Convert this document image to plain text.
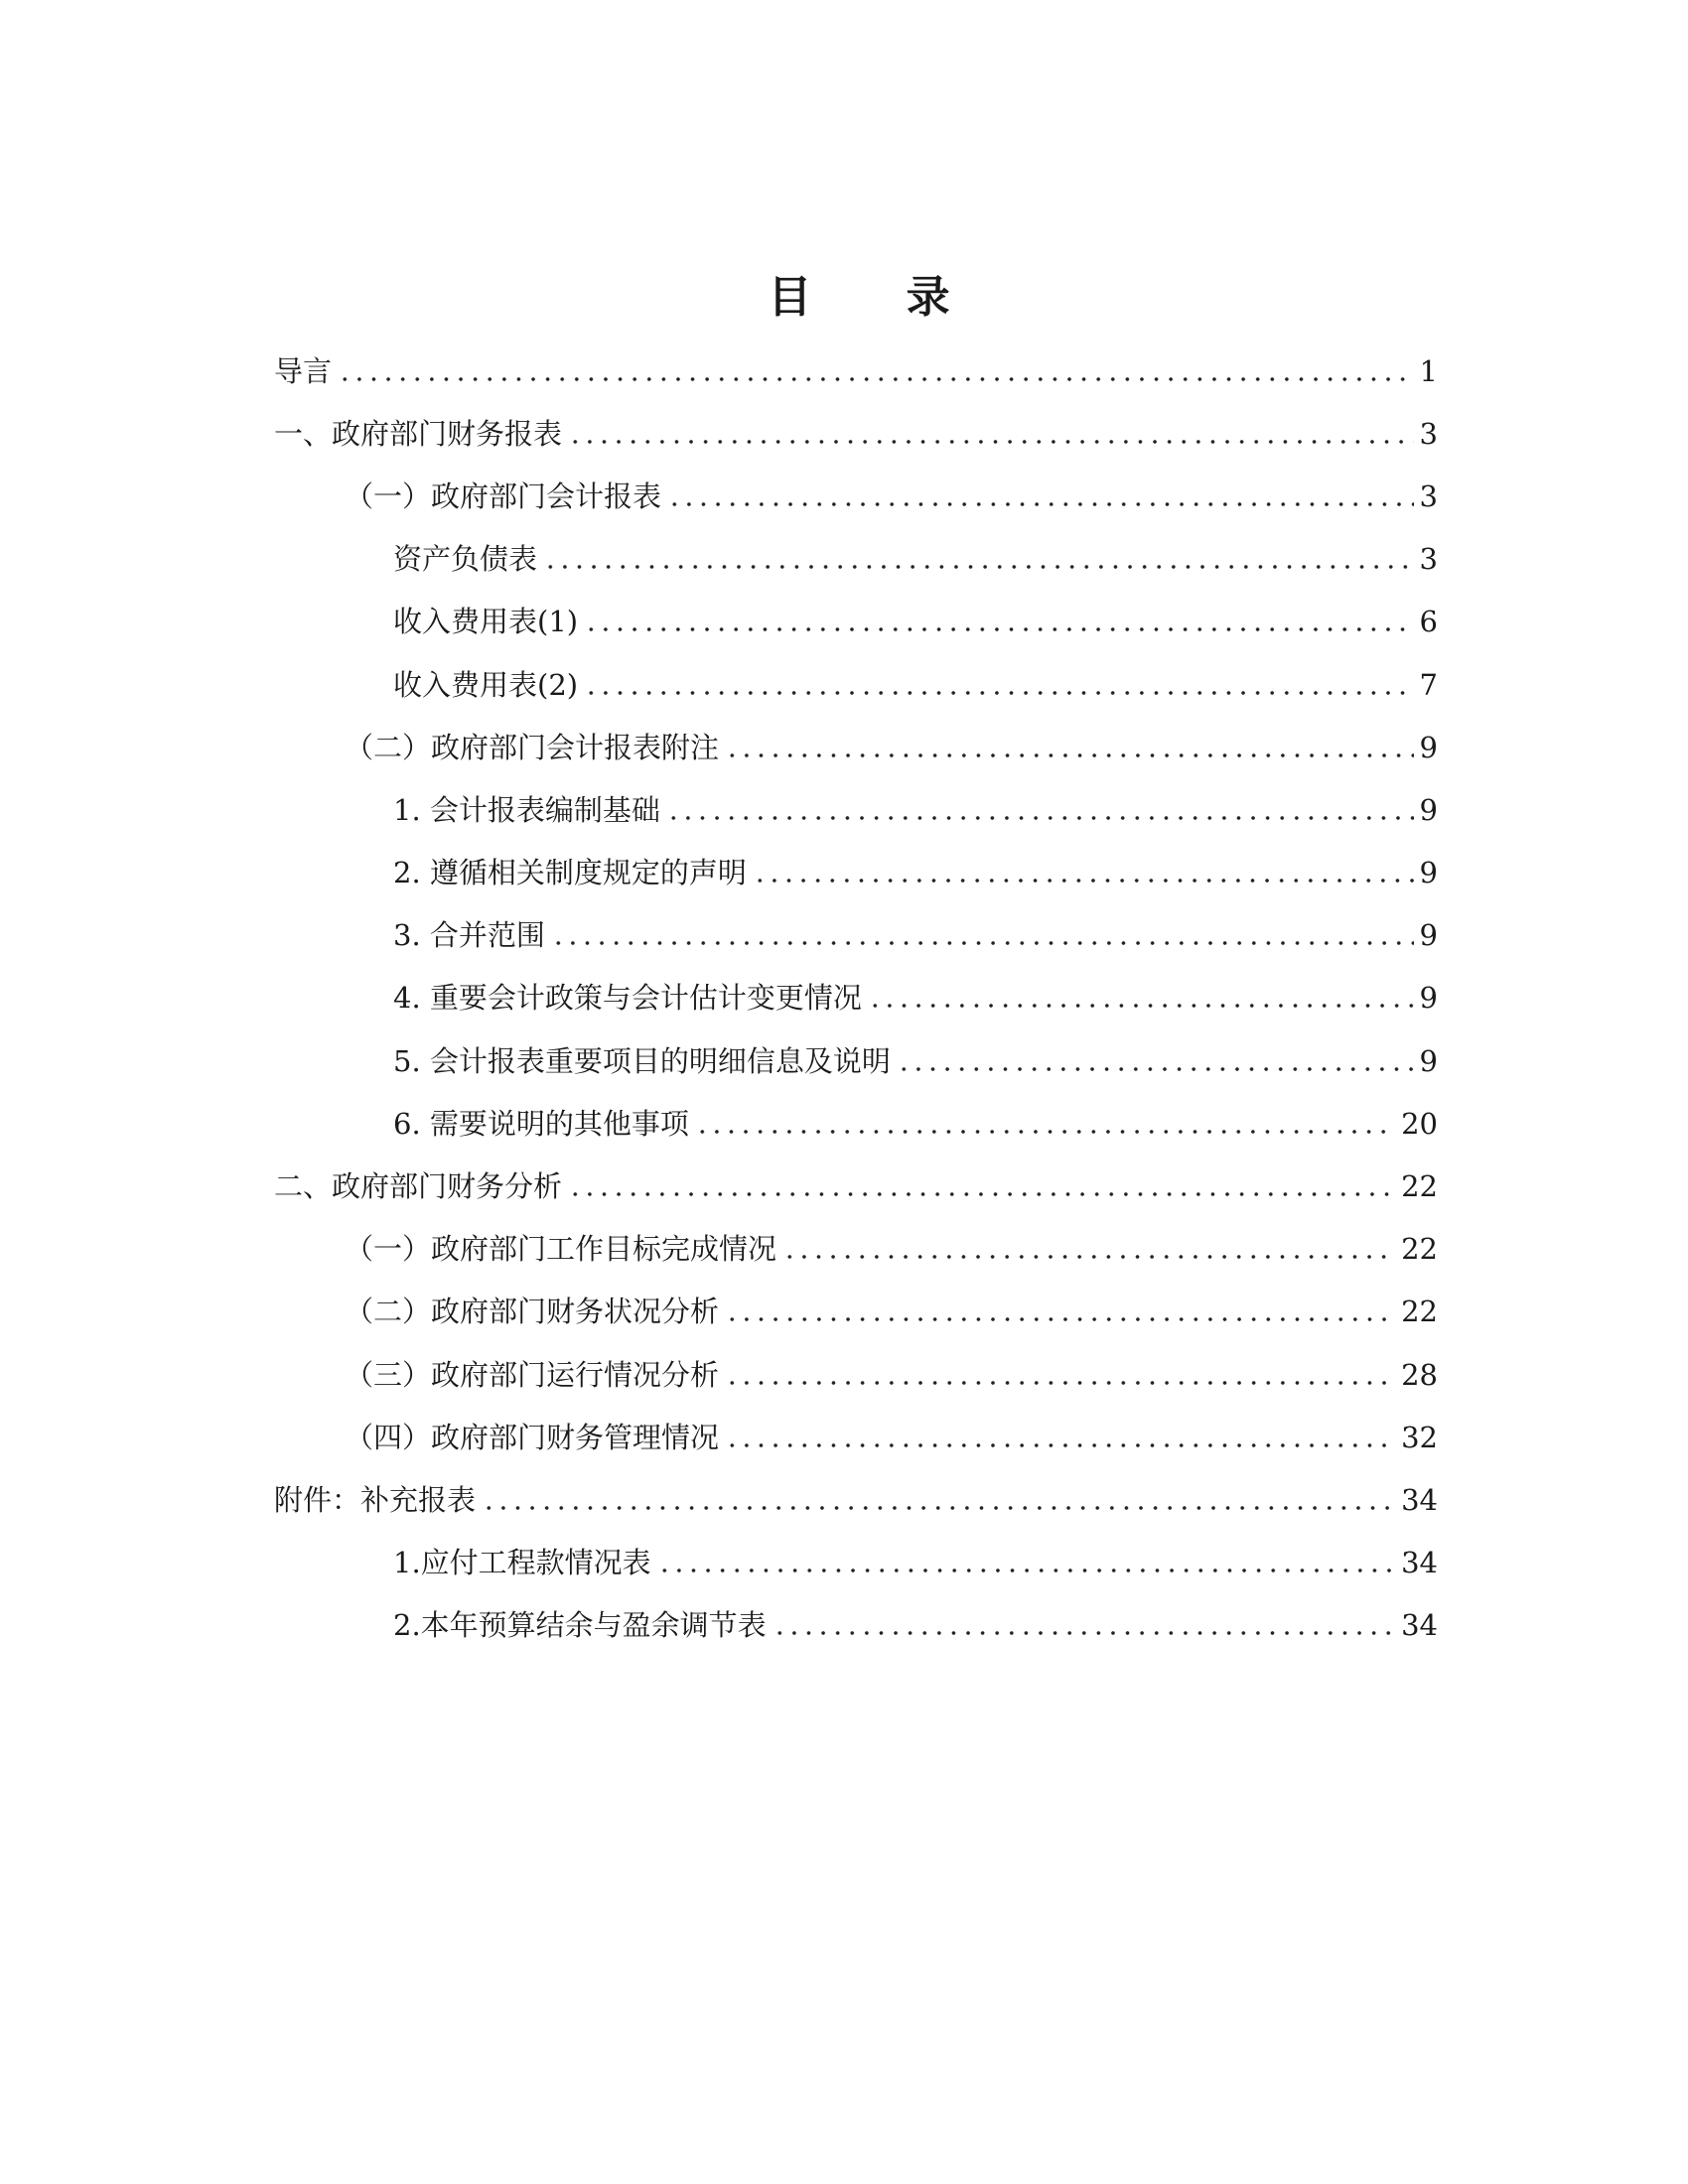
目 录
导言	1
一、政府部门财务报表	3
（一）政府部门会计报表	3
资产负债表	3
收入费用表(1)	6
收入费用表(2)	7
（二）政府部门会计报表附注	9
1. 会计报表编制基础	9
2. 遵循相关制度规定的声明	9
3. 合并范围	9
4. 重要会计政策与会计估计变更情况	9
5. 会计报表重要项目的明细信息及说明	9
6. 需要说明的其他事项	20
二、政府部门财务分析	22
（一）政府部门工作目标完成情况	22
（二）政府部门财务状况分析	22
（三）政府部门运行情况分析	28
（四）政府部门财务管理情况	32
附件：补充报表	34
1.应付工程款情况表	34
2.本年预算结余与盈余调节表	34
